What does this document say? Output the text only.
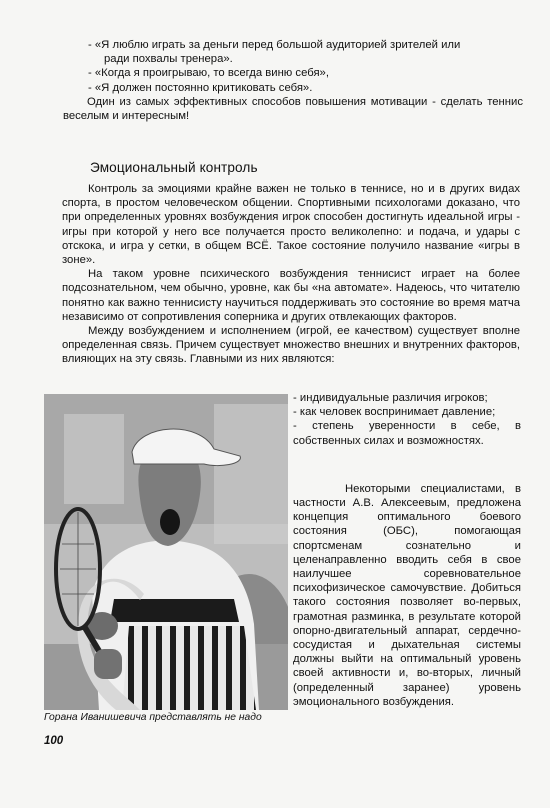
- «Я люблю играть за деньги перед большой аудиторией зрителей или

ради похвалы тренера».

- «Когда я проигрываю, то всегда виню себя»,

- «Я должен постоянно критиковать себя».

Один из самых эффективных способов повышения мотивации - сделать теннис веселым и интересным!

Эмоциональный контроль

Контроль за эмоциями крайне важен не только в теннисе, но и в других видах спорта, в простом человеческом общении. Спортивными психологами доказано, что при определенных уровнях возбуждения игрок способен достигнуть идеальной игры - игры при которой у него все получается просто великолепно: и подача, и удары с отскока, и игра у сетки, в общем ВСЁ. Такое состояние получило название «игры в зоне».

На таком уровне психического возбуждения теннисист играет на более подсознательном, чем обычно, уровне, как бы «на автомате». Надеюсь, что читателю понятно как важно теннисисту научиться поддерживать это состояние во время матча независимо от сопротивления соперника и других отвлекающих факторов.

Между возбуждением и исполнением (игрой, ее качеством) существует вполне определенная связь. Причем существует множество внешних и внутренних факторов, влияющих на эту связь. Главными из них являются:

Горана Иванишевича представлять не надо

- индивидуальные различия игроков;

- как человек воспринимает давление;

- степень уверенности в себе, в собственных силах и возможностях.

Некоторыми специалистами, в частности А.В. Алексеевым, предложена концепция оптимального боевого состояния (ОБС), помогающая спортсменам сознательно и целенаправленно вводить себя в свое наилучшее соревновательное психофизическое самочувствие. Добиться такого состояния позволяет во-первых, грамотная разминка, в результате которой опорно-двигательный аппарат, сердечно-сосудистая и дыхательная системы должны выйти на оптимальный уровень своей активности и, во-вторых, личный (определенный заранее) уровень эмоционального возбуждения.

100
